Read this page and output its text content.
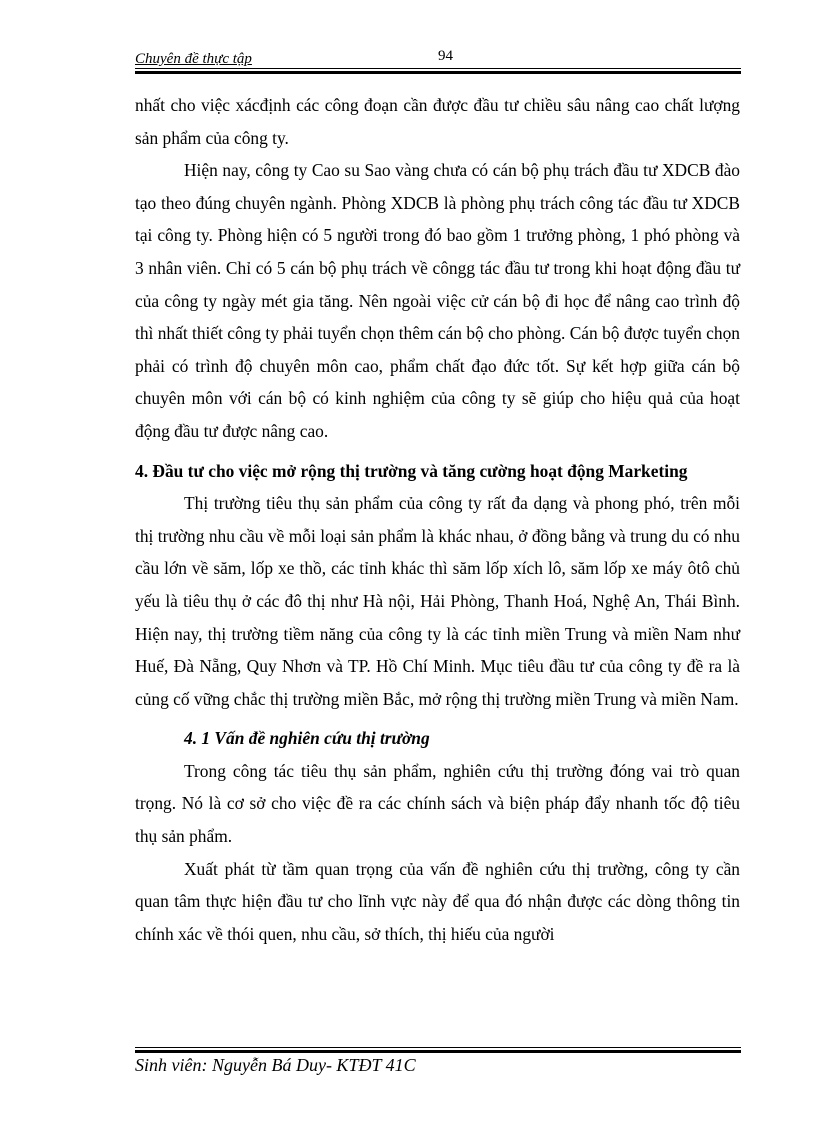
Chuyên đề thực tập	94

nhất cho việc xácđịnh các công đoạn cần được đầu tư chiều sâu nâng cao chất lượng sản phẩm của công ty.

Hiện nay, công ty Cao su Sao vàng chưa có cán bộ phụ trách đầu tư XDCB đào tạo theo đúng chuyên ngành. Phòng XDCB là phòng phụ trách công tác đầu tư XDCB tại công ty. Phòng hiện có 5 người trong đó bao gồm 1 trưởng phòng, 1 phó phòng và 3 nhân viên. Chỉ có 5 cán bộ phụ trách về côngg tác đầu tư trong khi hoạt động đầu tư của công ty ngày mét gia tăng. Nên ngoài việc cử cán bộ đi học để nâng cao trình độ thì nhất thiết công ty phải tuyển chọn thêm cán bộ cho phòng. Cán bộ được tuyển chọn phải có trình độ chuyên môn cao, phẩm chất đạo đức tốt. Sự kết hợp giữa cán bộ chuyên môn với cán bộ có kinh nghiệm của công ty sẽ giúp cho hiệu quả của hoạt động đầu tư được nâng cao.

4. Đầu tư cho việc mở rộng thị trường và tăng cường hoạt động Marketing

Thị trường tiêu thụ sản phẩm của công ty rất đa dạng và phong phó, trên mỗi thị trường nhu cầu về mỗi loại sản phẩm là khác nhau, ở đồng bằng và trung du có nhu cầu lớn về săm, lốp xe thồ, các tỉnh khác thì săm lốp xích lô, săm lốp xe máy ôtô chủ yếu là tiêu thụ ở các đô thị như Hà nội, Hải Phòng, Thanh Hoá, Nghệ An, Thái Bình. Hiện nay, thị trường tiềm năng của công ty là các tỉnh miền Trung và miền Nam như Huế, Đà Nẵng, Quy Nhơn và TP. Hồ Chí Minh. Mục tiêu đầu tư của công ty đề ra là củng cố vững chắc thị trường miền Bắc, mở rộng thị trường miền Trung và miền Nam.

4. 1 Vấn đề nghiên cứu thị trường

Trong công tác tiêu thụ sản phẩm, nghiên cứu thị trường đóng vai trò quan trọng. Nó là cơ sở cho việc đề ra các chính sách và biện pháp đẩy nhanh tốc độ tiêu thụ sản phẩm.

Xuất phát từ tầm quan trọng của vấn đề nghiên cứu thị trường, công ty cần quan tâm thực hiện đầu tư cho lĩnh vực này để qua đó nhận được các dòng thông tin chính xác về thói quen, nhu cầu, sở thích, thị hiếu của người

Sinh viên: Nguyễn Bá Duy- KTĐT 41C
